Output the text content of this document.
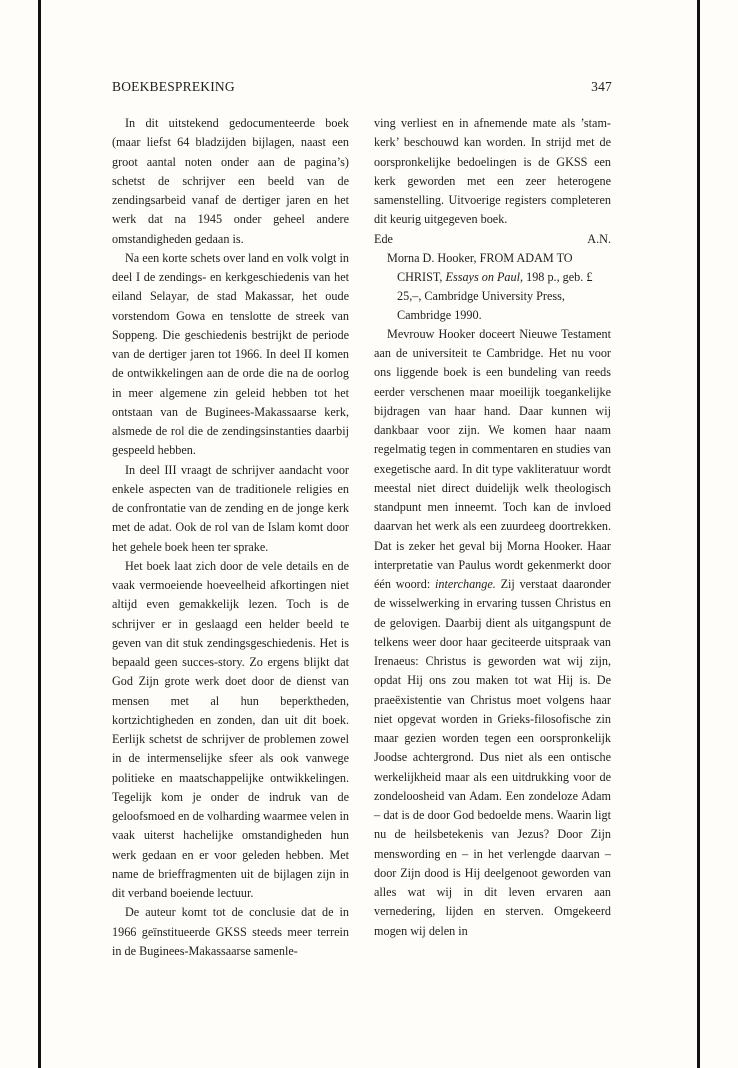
BOEKBESPREKING	347

In dit uitstekend gedocumenteerde boek (maar liefst 64 bladzijden bijlagen, naast een groot aantal noten onder aan de pagina’s) schetst de schrijver een beeld van de zendingsarbeid vanaf de dertiger jaren en het werk dat na 1945 onder geheel andere omstandigheden gedaan is.

Na een korte schets over land en volk volgt in deel I de zendings- en kerkgeschiedenis van het eiland Selayar, de stad Makassar, het oude vorstendom Gowa en tenslotte de streek van Soppeng. Die geschiedenis bestrijkt de periode van de dertiger jaren tot 1966. In deel II komen de ontwikkelingen aan de orde die na de oorlog in meer algemene zin geleid hebben tot het ontstaan van de Buginees-Makassaarse kerk, alsmede de rol die de zendingsinstanties daarbij gespeeld hebben.

In deel III vraagt de schrijver aandacht voor enkele aspecten van de traditionele religies en de confrontatie van de zending en de jonge kerk met de adat. Ook de rol van de Islam komt door het gehele boek heen ter sprake.

Het boek laat zich door de vele details en de vaak vermoeiende hoeveelheid afkortingen niet altijd even gemakkelijk lezen. Toch is de schrijver er in geslaagd een helder beeld te geven van dit stuk zendingsgeschiedenis. Het is bepaald geen succes-story. Zo ergens blijkt dat God Zijn grote werk doet door de dienst van mensen met al hun beperktheden, kortzichtigheden en zonden, dan uit dit boek. Eerlijk schetst de schrijver de problemen zowel in de intermenselijke sfeer als ook vanwege politieke en maatschappelijke ontwikkelingen. Tegelijk kom je onder de indruk van de geloofsmoed en de volharding waarmee velen in vaak uiterst hachelijke omstandigheden hun werk gedaan en er voor geleden hebben. Met name de brieffragmenten uit de bijlagen zijn in dit verband boeiende lectuur.

De auteur komt tot de conclusie dat de in 1966 geïnstitueerde GKSS steeds meer terrein in de Buginees-Makassaarse samenle-

ving verliest en in afnemende mate als ’stam-kerk’ beschouwd kan worden. In strijd met de oorspronkelijke bedoelingen is de GKSS een kerk geworden met een zeer heterogene samenstelling. Uitvoerige registers completeren dit keurig uitgegeven boek.

Ede	A.N.

Morna D. Hooker, FROM ADAM TO CHRIST, Essays on Paul, 198 p., geb. £ 25,–, Cambridge University Press, Cambridge 1990.

Mevrouw Hooker doceert Nieuwe Testament aan de universiteit te Cambridge. Het nu voor ons liggende boek is een bundeling van reeds eerder verschenen maar moeilijk toegankelijke bijdragen van haar hand. Daar kunnen wij dankbaar voor zijn. We komen haar naam regelmatig tegen in commentaren en studies van exegetische aard. In dit type vakliteratuur wordt meestal niet direct duidelijk welk theologisch standpunt men inneemt. Toch kan de invloed daarvan het werk als een zuurdeeg doortrekken. Dat is zeker het geval bij Morna Hooker. Haar interpretatie van Paulus wordt gekenmerkt door één woord: interchange. Zij verstaat daaronder de wisselwerking in ervaring tussen Christus en de gelovigen. Daarbij dient als uitgangspunt de telkens weer door haar geciteerde uitspraak van Irenaeus: Christus is geworden wat wij zijn, opdat Hij ons zou maken tot wat Hij is. De praeëxistentie van Christus moet volgens haar niet opgevat worden in Grieks-filosofische zin maar gezien worden tegen een oorspronkelijk Joodse achtergrond. Dus niet als een ontische werkelijkheid maar als een uitdrukking voor de zondeloosheid van Adam. Een zondeloze Adam – dat is de door God bedoelde mens. Waarin ligt nu de heilsbetekenis van Jezus? Door Zijn menswording en – in het verlengde daarvan – door Zijn dood is Hij deelgenoot geworden van alles wat wij in dit leven ervaren aan vernedering, lijden en sterven. Omgekeerd mogen wij delen in
